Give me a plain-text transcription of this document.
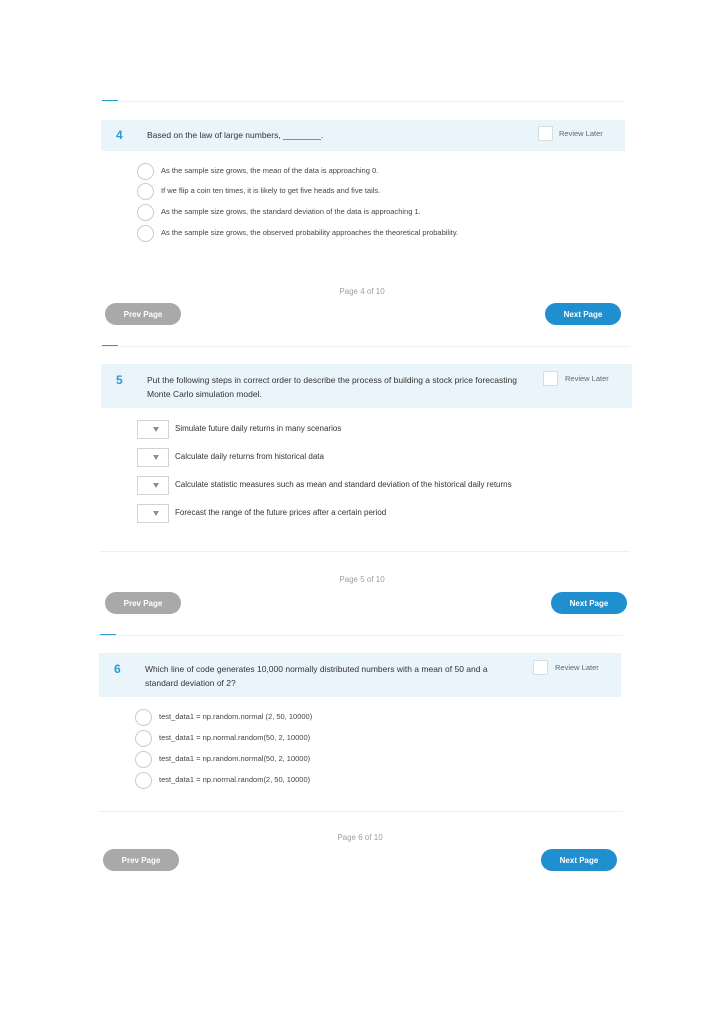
4	Based on the law of large numbers, ________.	Review Later
As the sample size grows, the mean of the data is approaching 0.
If we flip a coin ten times, it is likely to get five heads and five tails.
As the sample size grows, the standard deviation of the data is approaching 1.
As the sample size grows, the observed probability approaches the theoretical probability.
Page 4 of 10
Prev Page	Next Page
5	Put the following steps in correct order to describe the process of building a stock price forecasting
Monte Carlo simulation model.
Review Later
Simulate future daily returns in many scenarios
Calculate daily returns from historical data
Calculate statistic measures such as mean and standard deviation of the historical daily returns
Forecast the range of the future prices after a certain period
Page 5 of 10
Prev Page	Next Page
6	Which line of code generates 10,000 normally distributed numbers with a mean of 50 and a
standard deviation of 2?
Review Later
test_data1 = np.random.normal (2, 50, 10000)
test_data1 = np.normal.random(50, 2, 10000)
test_data1 = np.random.normal(50, 2, 10000)
test_data1 = np.normal.random(2, 50, 10000)
Page 6 of 10
Prev Page	Next Page
